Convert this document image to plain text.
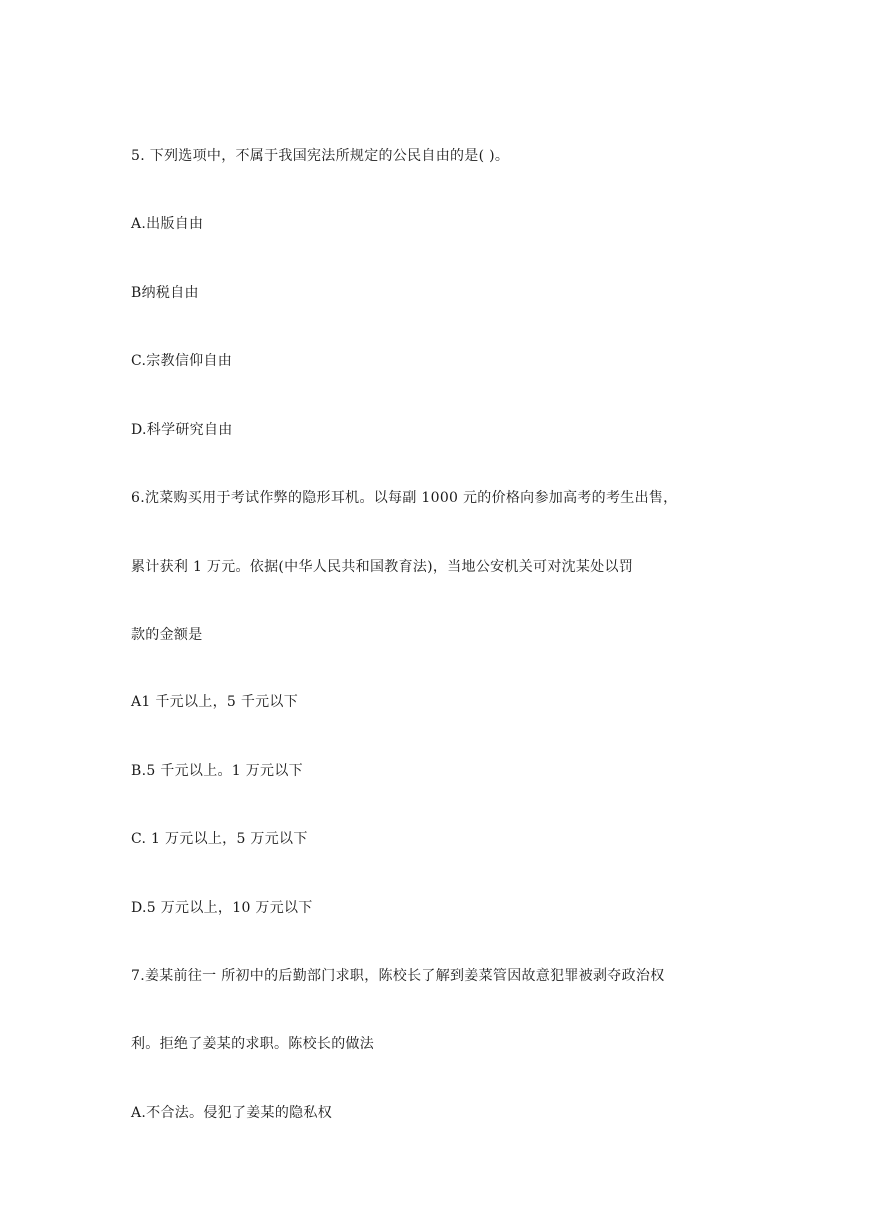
5. 下列选项中，不属于我国宪法所规定的公民自由的是( )。
A.出版自由
B纳税自由
C.宗教信仰自由
D.科学研究自由
6.沈菜购买用于考试作弊的隐形耳机。以每副 1000 元的价格向参加高考的考生出售，
累计获利 1 万元。依据(中华人民共和国教育法)，当地公安机关可对沈某处以罚
款的金额是
A1 千元以上，5 千元以下
B.5 千元以上。1 万元以下
C. 1 万元以上，5 万元以下
D.5 万元以上，10 万元以下
7.姜某前往一 所初中的后勤部门求职，陈校长了解到姜菜管因故意犯罪被剥夺政治权
利。拒绝了姜某的求职。陈校长的做法
A.不合法。侵犯了姜某的隐私权
